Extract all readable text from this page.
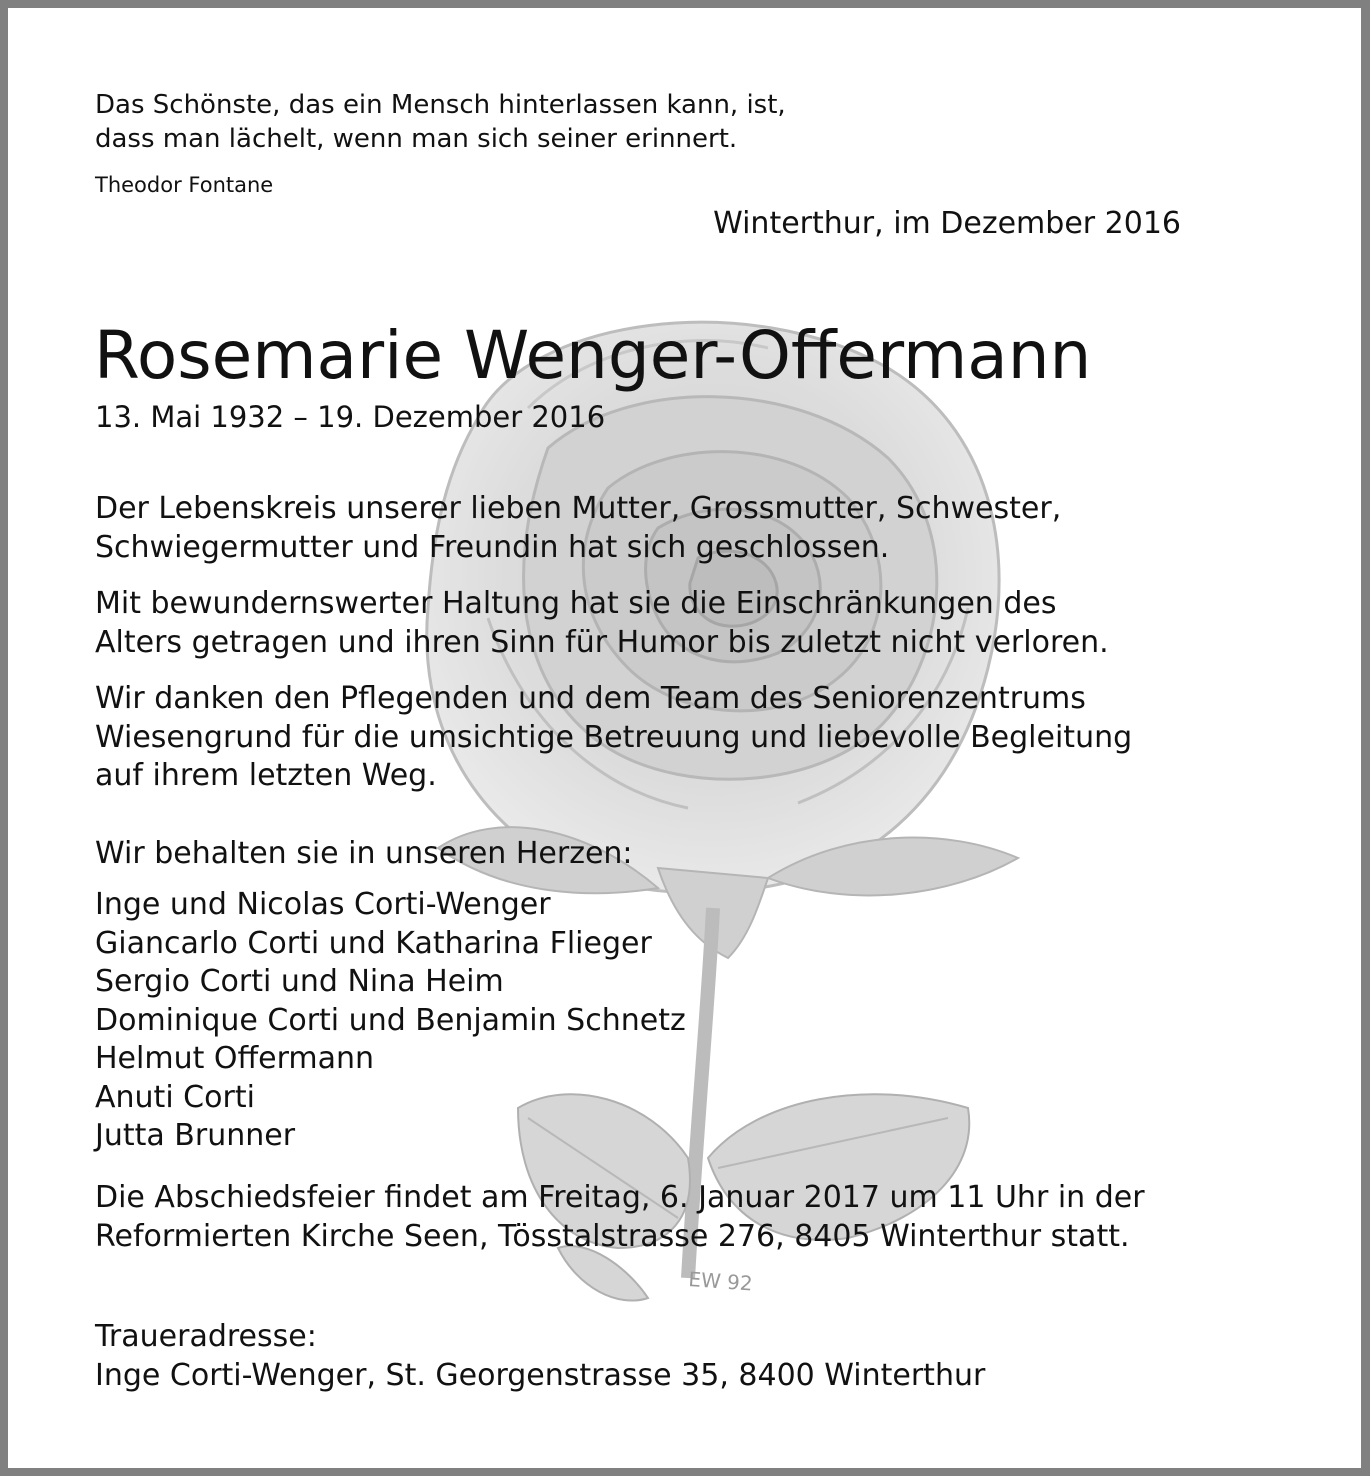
EW 92
Das Schönste, das ein Mensch hinterlassen kann, ist,
dass man lächelt, wenn man sich seiner erinnert.
Theodor Fontane
Winterthur, im Dezember 2016
Rosemarie Wenger-Offermann
13. Mai 1932 – 19. Dezember 2016
Der Lebenskreis unserer lieben Mutter, Grossmutter, Schwester,
Schwiegermutter und Freundin hat sich geschlossen.
Mit bewundernswerter Haltung hat sie die Einschränkungen des
Alters getragen und ihren Sinn für Humor bis zuletzt nicht verloren.
Wir danken den Pflegenden und dem Team des Seniorenzentrums
Wiesengrund für die umsichtige Betreuung und liebevolle Begleitung
auf ihrem letzten Weg.
Wir behalten sie in unseren Herzen:
Inge und Nicolas Corti-Wenger
Giancarlo Corti und Katharina Flieger
Sergio Corti und Nina Heim
Dominique Corti und Benjamin Schnetz
Helmut Offermann
Anuti Corti
Jutta Brunner
Die Abschiedsfeier findet am Freitag, 6. Januar 2017 um 11 Uhr in der
Reformierten Kirche Seen, Tösstalstrasse 276, 8405 Winterthur statt.
Traueradresse:
Inge Corti-Wenger, St. Georgenstrasse 35, 8400 Winterthur
